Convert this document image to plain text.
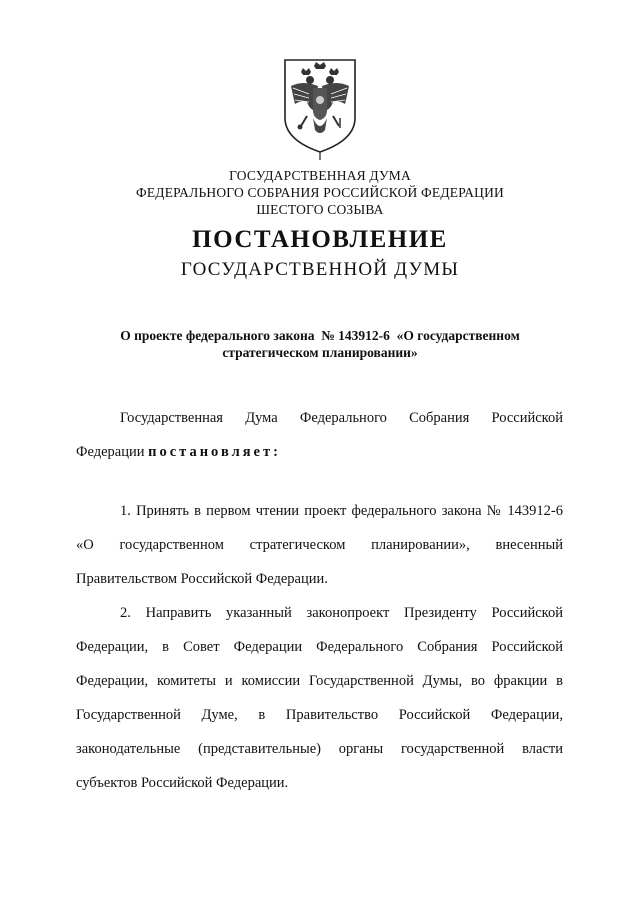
ГОСУДАРСТВЕННАЯ ДУМА
ФЕДЕРАЛЬНОГО СОБРАНИЯ РОССИЙСКОЙ ФЕДЕРАЦИИ
ШЕСТОГО СОЗЫВА
ПОСТАНОВЛЕНИЕ
ГОСУДАРСТВЕННОЙ ДУМЫ
О проекте федерального закона  № 143912-6  «О государственном
стратегическом планировании»

Государственная Дума Федерального Собрания Российской

Федерации постановляет:

1. Принять в первом чтении проект федерального закона № 143912-6

«О государственном стратегическом планировании», внесенный

Правительством Российской Федерации.

2. Направить указанный законопроект Президенту Российской

Федерации, в Совет Федерации Федерального Собрания Российской

Федерации, комитеты и комиссии Государственной Думы, во фракции в

Государственной Думе, в Правительство Российской Федерации,

законодательные (представительные) органы государственной власти

субъектов Российской Федерации.
